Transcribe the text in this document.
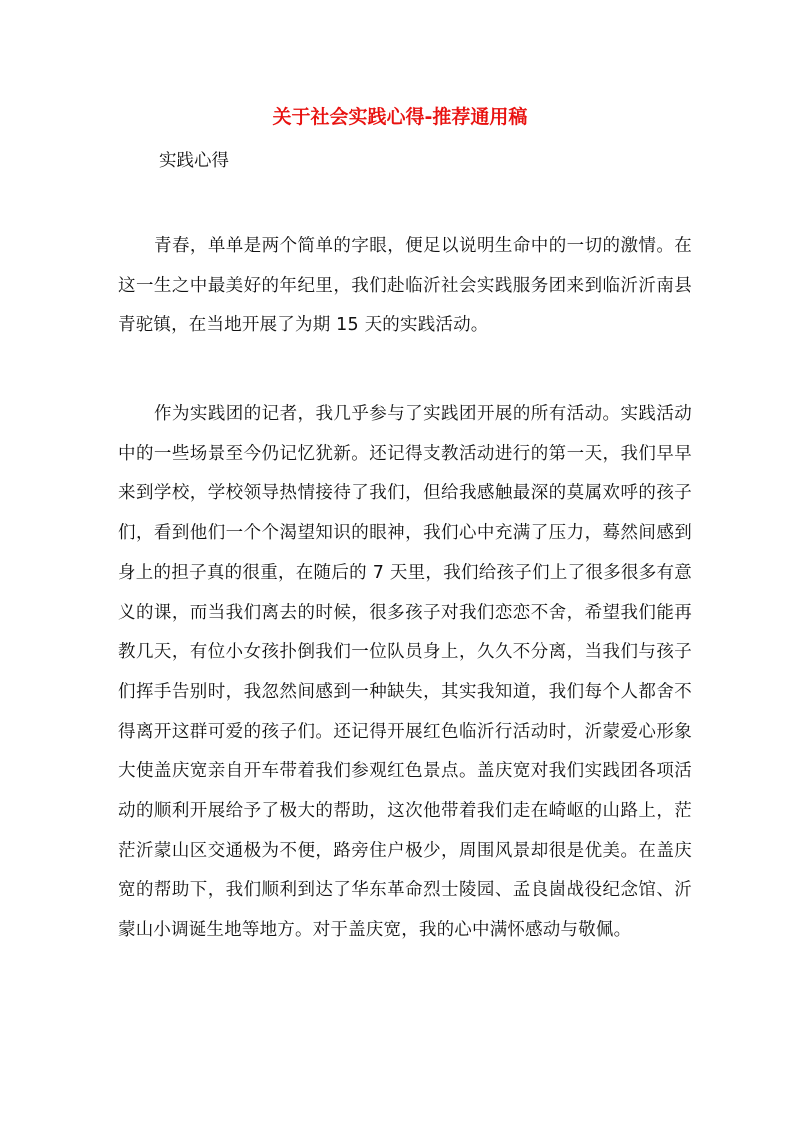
关于社会实践心得-推荐通用稿

实践心得

青春，单单是两个简单的字眼，便足以说明生命中的一切的激情。在这一生之中最美好的年纪里，我们赴临沂社会实践服务团来到临沂沂南县青驼镇，在当地开展了为期 15 天的实践活动。

作为实践团的记者，我几乎参与了实践团开展的所有活动。实践活动中的一些场景至今仍记忆犹新。还记得支教活动进行的第一天，我们早早来到学校，学校领导热情接待了我们，但给我感触最深的莫属欢呼的孩子们，看到他们一个个渴望知识的眼神，我们心中充满了压力，蓦然间感到身上的担子真的很重，在随后的 7 天里，我们给孩子们上了很多很多有意义的课，而当我们离去的时候，很多孩子对我们恋恋不舍，希望我们能再教几天，有位小女孩扑倒我们一位队员身上，久久不分离，当我们与孩子们挥手告别时，我忽然间感到一种缺失，其实我知道，我们每个人都舍不得离开这群可爱的孩子们。还记得开展红色临沂行活动时，沂蒙爱心形象大使盖庆宽亲自开车带着我们参观红色景点。盖庆宽对我们实践团各项活动的顺利开展给予了极大的帮助，这次他带着我们走在崎岖的山路上，茫茫沂蒙山区交通极为不便，路旁住户极少，周围风景却很是优美。在盖庆宽的帮助下，我们顺利到达了华东革命烈士陵园、孟良崮战役纪念馆、沂蒙山小调诞生地等地方。对于盖庆宽，我的心中满怀感动与敬佩。
